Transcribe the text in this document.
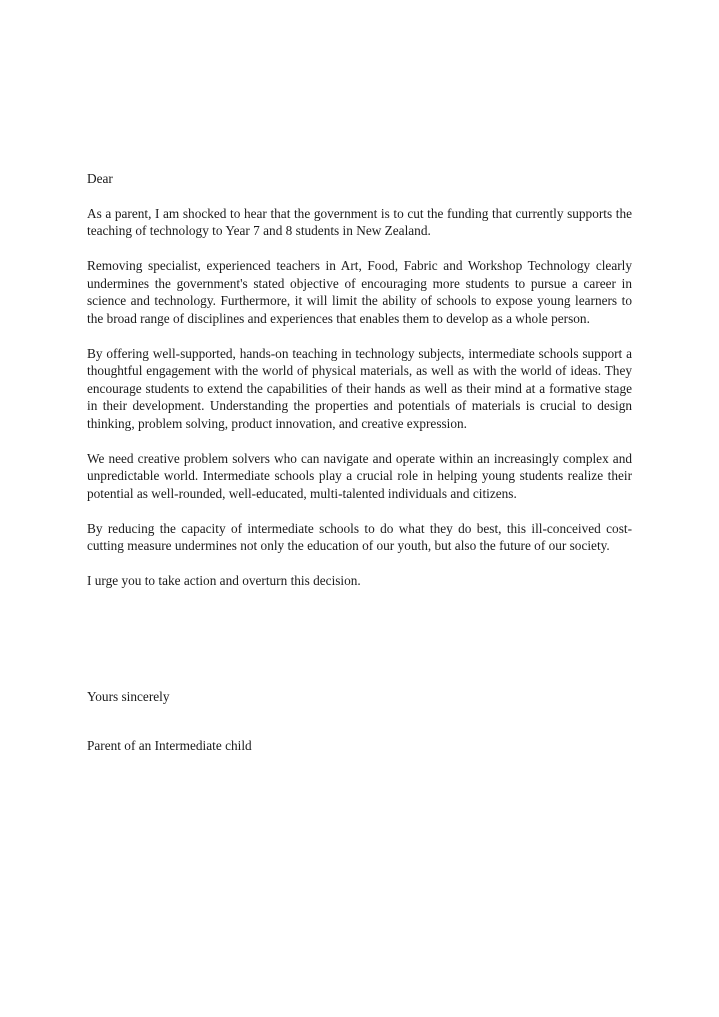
Dear

As a parent, I am shocked to hear that the government is to cut the funding that currently supports the teaching of technology to Year 7 and 8 students in New Zealand.

Removing specialist, experienced teachers in Art, Food, Fabric and Workshop Technology clearly undermines the government's stated objective of encouraging more students to pursue a career in science and technology. Furthermore, it will limit the ability of schools to expose young learners to the broad range of disciplines and experiences that enables them to develop as a whole person.

By offering well-supported, hands-on teaching in technology subjects, intermediate schools support a thoughtful engagement with the world of physical materials, as well as with the world of ideas. They encourage students to extend the capabilities of their hands as well as their mind at a formative stage in their development. Understanding the properties and potentials of materials is crucial to design thinking, problem solving, product innovation, and creative expression.

We need creative problem solvers who can navigate and operate within an increasingly complex and unpredictable world. Intermediate schools play a crucial role in helping young students realize their potential as well-rounded, well-educated, multi-talented individuals and citizens.

By reducing the capacity of intermediate schools to do what they do best, this ill-conceived cost-cutting measure undermines not only the education of our youth, but also the future of our society.

I urge you to take action and overturn this decision.

Yours sincerely
Parent of an Intermediate child
